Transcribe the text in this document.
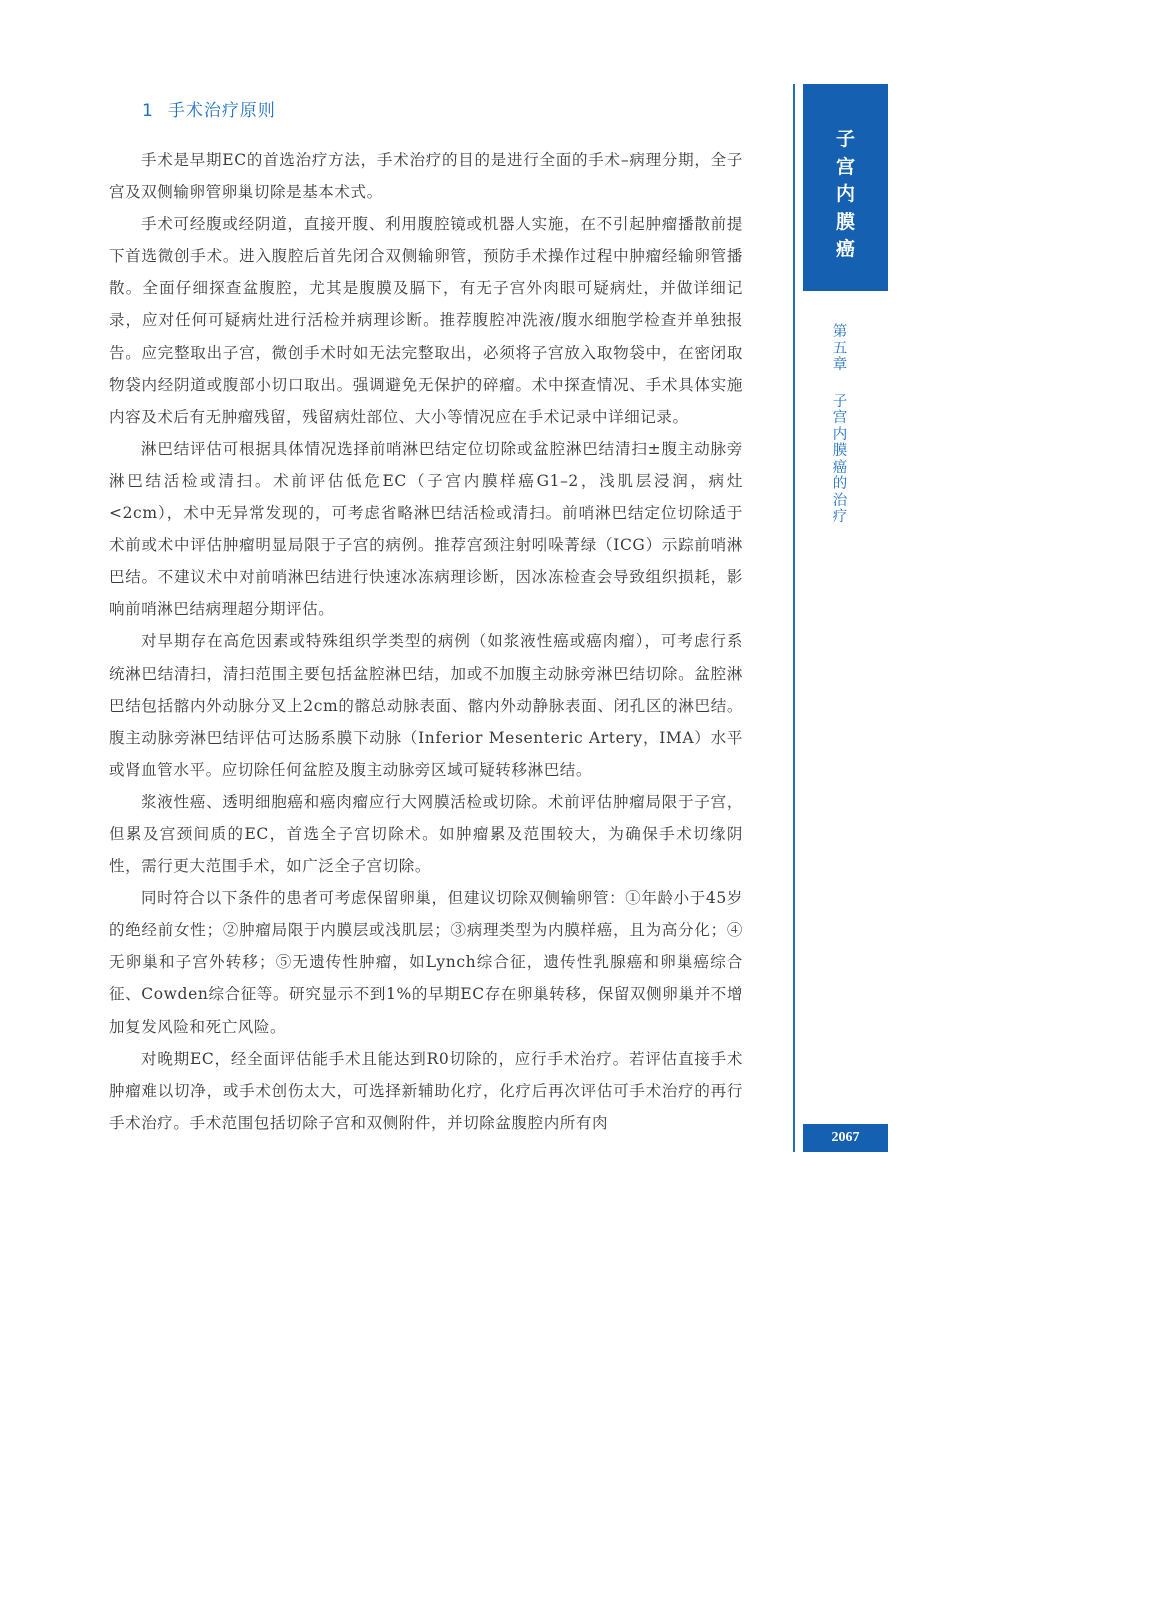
1 手术治疗原则

手术是早期EC的首选治疗方法，手术治疗的目的是进行全面的手术–病理分期，全子宫及双侧输卵管卵巢切除是基本术式。

手术可经腹或经阴道，直接开腹、利用腹腔镜或机器人实施，在不引起肿瘤播散前提下首选微创手术。进入腹腔后首先闭合双侧输卵管，预防手术操作过程中肿瘤经输卵管播散。全面仔细探查盆腹腔，尤其是腹膜及膈下，有无子宫外肉眼可疑病灶，并做详细记录，应对任何可疑病灶进行活检并病理诊断。推荐腹腔冲洗液/腹水细胞学检查并单独报告。应完整取出子宫，微创手术时如无法完整取出，必须将子宫放入取物袋中，在密闭取物袋内经阴道或腹部小切口取出。强调避免无保护的碎瘤。术中探查情况、手术具体实施内容及术后有无肿瘤残留，残留病灶部位、大小等情况应在手术记录中详细记录。

淋巴结评估可根据具体情况选择前哨淋巴结定位切除或盆腔淋巴结清扫±腹主动脉旁淋巴结活检或清扫。术前评估低危EC（子宫内膜样癌G1–2，浅肌层浸润，病灶<2cm），术中无异常发现的，可考虑省略淋巴结活检或清扫。前哨淋巴结定位切除适于术前或术中评估肿瘤明显局限于子宫的病例。推荐宫颈注射吲哚菁绿（ICG）示踪前哨淋巴结。不建议术中对前哨淋巴结进行快速冰冻病理诊断，因冰冻检查会导致组织损耗，影响前哨淋巴结病理超分期评估。

对早期存在高危因素或特殊组织学类型的病例（如浆液性癌或癌肉瘤），可考虑行系统淋巴结清扫，清扫范围主要包括盆腔淋巴结，加或不加腹主动脉旁淋巴结切除。盆腔淋巴结包括髂内外动脉分叉上2cm的髂总动脉表面、髂内外动静脉表面、闭孔区的淋巴结。腹主动脉旁淋巴结评估可达肠系膜下动脉（Inferior Mesenteric Artery，IMA）水平或肾血管水平。应切除任何盆腔及腹主动脉旁区域可疑转移淋巴结。

浆液性癌、透明细胞癌和癌肉瘤应行大网膜活检或切除。术前评估肿瘤局限于子宫，但累及宫颈间质的EC，首选全子宫切除术。如肿瘤累及范围较大，为确保手术切缘阴性，需行更大范围手术，如广泛全子宫切除。

同时符合以下条件的患者可考虑保留卵巢，但建议切除双侧输卵管：①年龄小于45岁的绝经前女性；②肿瘤局限于内膜层或浅肌层；③病理类型为内膜样癌，且为高分化；④无卵巢和子宫外转移；⑤无遗传性肿瘤，如Lynch综合征，遗传性乳腺癌和卵巢癌综合征、Cowden综合征等。研究显示不到1%的早期EC存在卵巢转移，保留双侧卵巢并不增加复发风险和死亡风险。

对晚期EC，经全面评估能手术且能达到R0切除的，应行手术治疗。若评估直接手术肿瘤难以切净，或手术创伤太大，可选择新辅助化疗，化疗后再次评估可手术治疗的再行手术治疗。手术范围包括切除子宫和双侧附件，并切除盆腹腔内所有肉

子宫内膜癌
第五章
子宫内膜癌的治疗
2067
